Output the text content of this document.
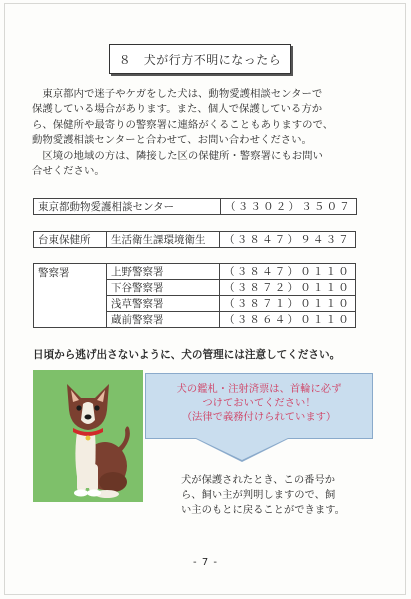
８　犬が行方不明になったら
東京都内で迷子やケガをした犬は、動物愛護相談センターで
保護している場合があります。また、個人で保護している方か
ら、保健所や最寄りの警察署に連絡がくることもありますので、
動物愛護相談センターと合わせて、お問い合わせください。
区境の地域の方は、隣接した区の保健所・警察署にもお問い
合せください。
東京都動物愛護相談センター	（３３０２）３５０７
台東保健所	生活衛生課環境衛生	（３８４７）９４３７
警察署	上野警察署	（３８４７）０１１０
	下谷警察署	（３８７２）０１１０
	浅草警察署	（３８７１）０１１０
	蔵前警察署	（３８６４）０１１０
日頃から逃げ出さないように、犬の管理には注意してください。
犬の鑑札・注射済票は、首輪に必ず
つけておいてください！
（法律で義務付けられています）
犬が保護されたとき、この番号か
ら、飼い主が判明しますので、飼
い主のもとに戻ることができます。
- 7 -
